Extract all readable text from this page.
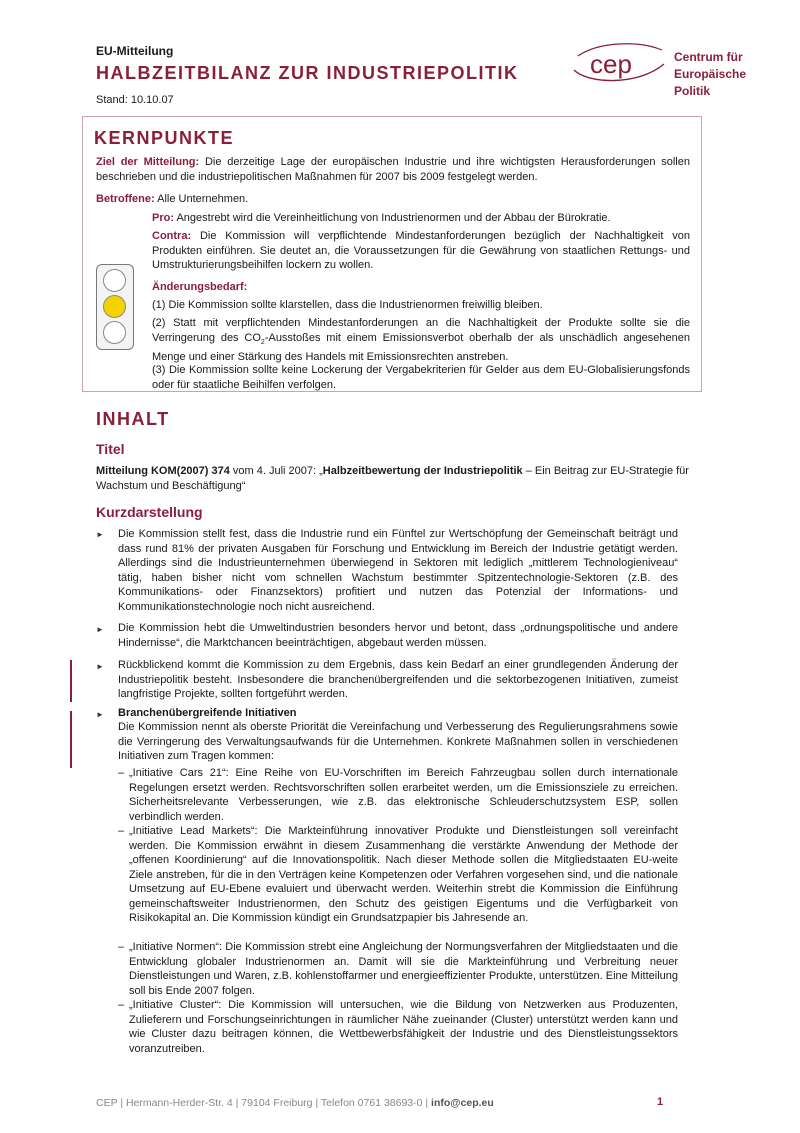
EU-Mitteilung
HALBZEITBILANZ ZUR INDUSTRIEPOLITIK
Stand: 10.10.07
cep	Centrum für
Europäische
Politik
KERNPUNKTE
Ziel der Mitteilung: Die derzeitige Lage der europäischen Industrie und ihre wichtigsten Herausforderungen sollen beschrieben und die industriepolitischen Maßnahmen für 2007 bis 2009 festgelegt werden.
Betroffene: Alle Unternehmen.
Pro: Angestrebt wird die Vereinheitlichung von Industrienormen und der Abbau der Bürokratie.
Contra: Die Kommission will verpflichtende Mindestanforderungen bezüglich der Nachhaltigkeit von Produkten einführen. Sie deutet an, die Voraussetzungen für die Gewährung von staatlichen Rettungs- und Umstrukturierungsbeihilfen lockern zu wollen.
Änderungsbedarf:
(1) Die Kommission sollte klarstellen, dass die Industrienormen freiwillig bleiben.
(2) Statt mit verpflichtenden Mindestanforderungen an die Nachhaltigkeit der Produkte sollte sie die Verringerung des $CO_2$-Ausstoßes mit einem Emissionsverbot oberhalb der als unschädlich angesehenen Menge und einer Stärkung des Handels mit Emissionsrechten anstreben.
(3) Die Kommission sollte keine Lockerung der Vergabekriterien für Gelder aus dem EU-Globalisierungsfonds oder für staatliche Beihilfen verfolgen.
INHALT
Titel
Mitteilung KOM(2007) 374 vom 4. Juli 2007: „Halbzeitbewertung der Industriepolitik – Ein Beitrag zur EU-Strategie für Wachstum und Beschäftigung“
Kurzdarstellung
► Die Kommission stellt fest, dass die Industrie rund ein Fünftel zur Wertschöpfung der Gemeinschaft beiträgt und dass rund 81% der privaten Ausgaben für Forschung und Entwicklung im Bereich der Industrie getätigt werden. Allerdings sind die Industrieunternehmen überwiegend in Sektoren mit lediglich „mittlerem Technologieniveau“ tätig, haben bisher nicht vom schnellen Wachstum bestimmter Spitzentechnologie-Sektoren (z.B. des Kommunikations- oder Finanzsektors) profitiert und nutzen das Potenzial der Informations- und Kommunikationstechnologie noch nicht ausreichend.
► Die Kommission hebt die Umweltindustrien besonders hervor und betont, dass „ordnungspolitische und andere Hindernisse“, die Marktchancen beeinträchtigen, abgebaut werden müssen.
► Rückblickend kommt die Kommission zu dem Ergebnis, dass kein Bedarf an einer grundlegenden Änderung der Industriepolitik besteht. Insbesondere die branchenübergreifenden und die sektorbezogenen Initiativen, zumeist langfristige Projekte, sollten fortgeführt werden.
► Branchenübergreifende Initiativen
Die Kommission nennt als oberste Priorität die Vereinfachung und Verbesserung des Regulierungsrahmens sowie die Verringerung des Verwaltungsaufwands für die Unternehmen. Konkrete Maßnahmen sollen in verschiedenen Initiativen zum Tragen kommen:
– „Initiative Cars 21“: Eine Reihe von EU-Vorschriften im Bereich Fahrzeugbau sollen durch internationale Regelungen ersetzt werden. Rechtsvorschriften sollen erarbeitet werden, um die Emissionsziele zu erreichen. Sicherheitsrelevante Verbesserungen, wie z.B. das elektronische Schleuderschutzsystem ESP, sollen verbindlich werden.
– „Initiative Lead Markets“: Die Markteinführung innovativer Produkte und Dienstleistungen soll vereinfacht werden. Die Kommission erwähnt in diesem Zusammenhang die verstärkte Anwendung der Methode der „offenen Koordinierung“ auf die Innovationspolitik. Nach dieser Methode sollen die Mitgliedstaaten EU-weite Ziele anstreben, für die in den Verträgen keine Kompetenzen oder Verfahren vorgesehen sind, und die nationale Umsetzung auf EU-Ebene evaluiert und überwacht werden. Weiterhin strebt die Kommission die Einführung gemeinschaftsweiter Industrienormen, den Schutz des geistigen Eigentums und die Verfügbarkeit von Risikokapital an. Die Kommission kündigt ein Grundsatzpapier bis Jahresende an.
– „Initiative Normen“: Die Kommission strebt eine Angleichung der Normungsverfahren der Mitgliedstaaten und die Entwicklung globaler Industrienormen an. Damit will sie die Markteinführung und Verbreitung neuer Dienstleistungen und Waren, z.B. kohlenstoffarmer und energieeffizienter Produkte, unterstützen. Eine Mitteilung soll bis Ende 2007 folgen.
– „Initiative Cluster“: Die Kommission will untersuchen, wie die Bildung von Netzwerken aus Produzenten, Zulieferern und Forschungseinrichtungen in räumlicher Nähe zueinander (Cluster) unterstützt werden kann und wie Cluster dazu beitragen können, die Wettbewerbsfähigkeit der Industrie und des Dienstleistungssektors voranzutreiben.
CEP | Hermann-Herder-Str. 4 | 79104 Freiburg | Telefon 0761 38693-0 | info@cep.eu	1
